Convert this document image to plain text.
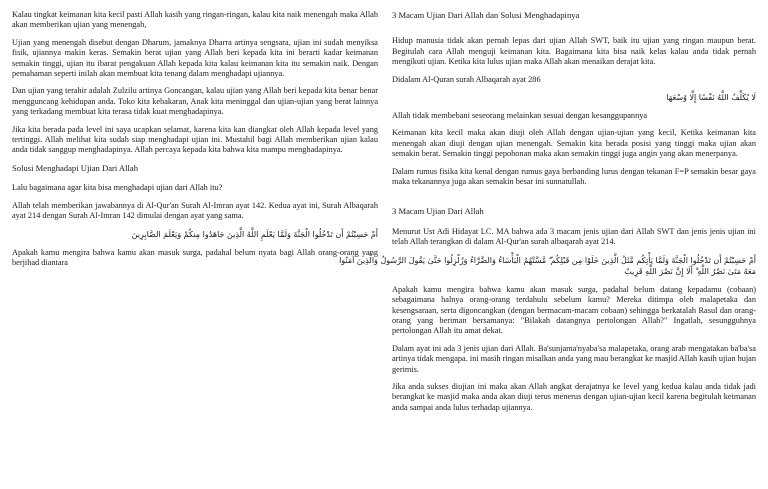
Kalau tingkat keimanan kita kecil pasti Allah kasih yang ringan-ringan, kalau kita naik menengah maka Allah akan memberikan ujian yang menengah,

Ujian yang menengah disebut dengan Dharum, jamaknya Dharra artinya sengsara, ujian ini sudah menyiksa fisik, ujiannya makin keras. Semakin berat ujian yang Allah beri kepada kita ini berarti kadar keimanan semakin tinggi, ujian itu ibarat pengakuan Allah kepada kita kalau keimanan kita itu semakin naik. Dengan pemahaman seperti inilah akan membuat kita tenang dalam menghadapi ujiannya.

Dan ujian yang terahir adalah Zulzilu artinya Goncangan, kalau ujian yang Allah beri kepada kita benar benar mengguncang kehidupan anda. Toko kita kebakaran, Anak kita meninggal dan ujian-ujian yang berat lainnya yang terkadang membuat kita terasa tidak kuat menghadapinya.

Jika kita berada pada level ini saya ucapkan selamat, karena kita kan diangkat oleh Allah kepada level yang tertinggi. Allah melihat kita sudah siap menghadapi ujian ini. Mustahil bagi Allah memberikan ujian kalau anda tidak sanggup menghadapinya. Allah percaya kepada kita bahwa kita mampu menghadapinya.

Solusi Menghadapi Ujian Dari Allah

Lalu bagaimana agar kita bisa menghadapi ujian dari Allah itu?

Allah telah memberikan jawabannya di Al-Qur'an Surah Al-Imran ayat 142. Kedua ayat ini, Surah Albaqarah ayat 214 dengan Surah Al-Imran 142 dimulai dengan ayat yang sama.

أَمْ حَسِبْتُمْ أَن تَدْخُلُوا الْجَنَّةَ وَلَمَّا يَعْلَمِ اللَّهُ الَّذِينَ جَاهَدُوا مِنكُمْ وَيَعْلَمَ الصَّابِرِينَ

Apakah kamu mengira bahwa kamu akan masuk surga, padahal belum nyata bagi Allah orang-orang yang berjihad diantara

3 Macam Ujian Dari Allah dan Solusi Menghadapinya

Hidup manusia tidak akan pernah lepas dari ujian Allah SWT, baik itu ujian yang ringan maupun berat. Begitulah cara Allah menguji keimanan kita. Bagaimana kita bisa naik kelas kalau anda tidak pernah mengikuti ujian. Ketika kita lulus ujian maka Allah akan menaikan derajat kita.

Didalam Al-Quran surah Albaqarah ayat 286

لَا يُكَلِّفُ اللَّهُ نَفْسًا إِلَّا وُسْعَهَا

Allah tidak membebani seseorang melainkan sesuai dengan kesanggupannya

Keimanan kita kecil maka akan diuji oleh Allah dengan ujian-ujian yang kecil, Ketika keimanan kita menengah akan diuji dengan ujian menengah. Semakin kita berada posisi yang tinggi maka ujian akan semakin berat. Semakin tinggi pepohonan maka akan semakin tinggi juga angin yang akan menerpanya.

Dalam rumus fisika kita kenal dengan rumus gaya berbanding lurus dengan tekanan F=P semakin besar gaya maka tekanannya juga akan semakin besar ini sunnatullah.

3 Macam Ujian Dari Allah

Menurut Ust Adi Hidayat LC. MA bahwa ada 3 macam jenis ujian dari Allah SWT dan jenis jenis ujian ini telah Allah terangkan di dalam Al-Qur'an surah albaqarah ayat 214.

أَمْ حَسِبْتُمْ أَن تَدْخُلُوا الْجَنَّةَ وَلَمَّا يَأْتِكُم مَّثَلُ الَّذِينَ خَلَوْا مِن قَبْلِكُم ۖ مَّسَّتْهُمُ الْبَأْسَاءُ وَالضَّرَّاءُ وَزُلْزِلُوا حَتَّىٰ يَقُولَ الرَّسُولُ وَالَّذِينَ آمَنُوا
مَعَهُ مَتَىٰ نَصْرُ اللَّهِ ۗ أَلَا إِنَّ نَصْرَ اللَّهِ قَرِيبٌ

Apakah kamu mengira bahwa kamu akan masuk surga, padahal belum datang kepadamu (cobaan) sebagaimana halnya orang-orang terdahulu sebelum kamu? Mereka ditimpa oleh malapetaka dan kesengsaraan, serta digoncangkan (dengan bermacam-macam cobaan) sehingga berkatalah Rasul dan orang-orang yang beriman bersamanya: "Bilakah datangnya pertolongan Allah?" Ingatlah, sesungguhnya pertolongan Allah itu amat dekat.

Dalam ayat ini ada 3 jenis ujian dari Allah. Ba'sunjama'nyaba'sa malapetaka, orang arab mengatakan ba'ba'sa artinya tidak mengapa. ini masih ringan misalkan anda yang mau berangkat ke masjid Allah kasih ujian hujan gerimis.

Jika anda sukses diujian ini maka akan Allah angkat derajatnya ke level yang kedua kalau anda tidak jadi berangkat ke masjid maka anda akan diuji terus menerus dengan ujian-ujian kecil karena begitulah keimanan anda sampai anda lulus terhadap ujiannya.
